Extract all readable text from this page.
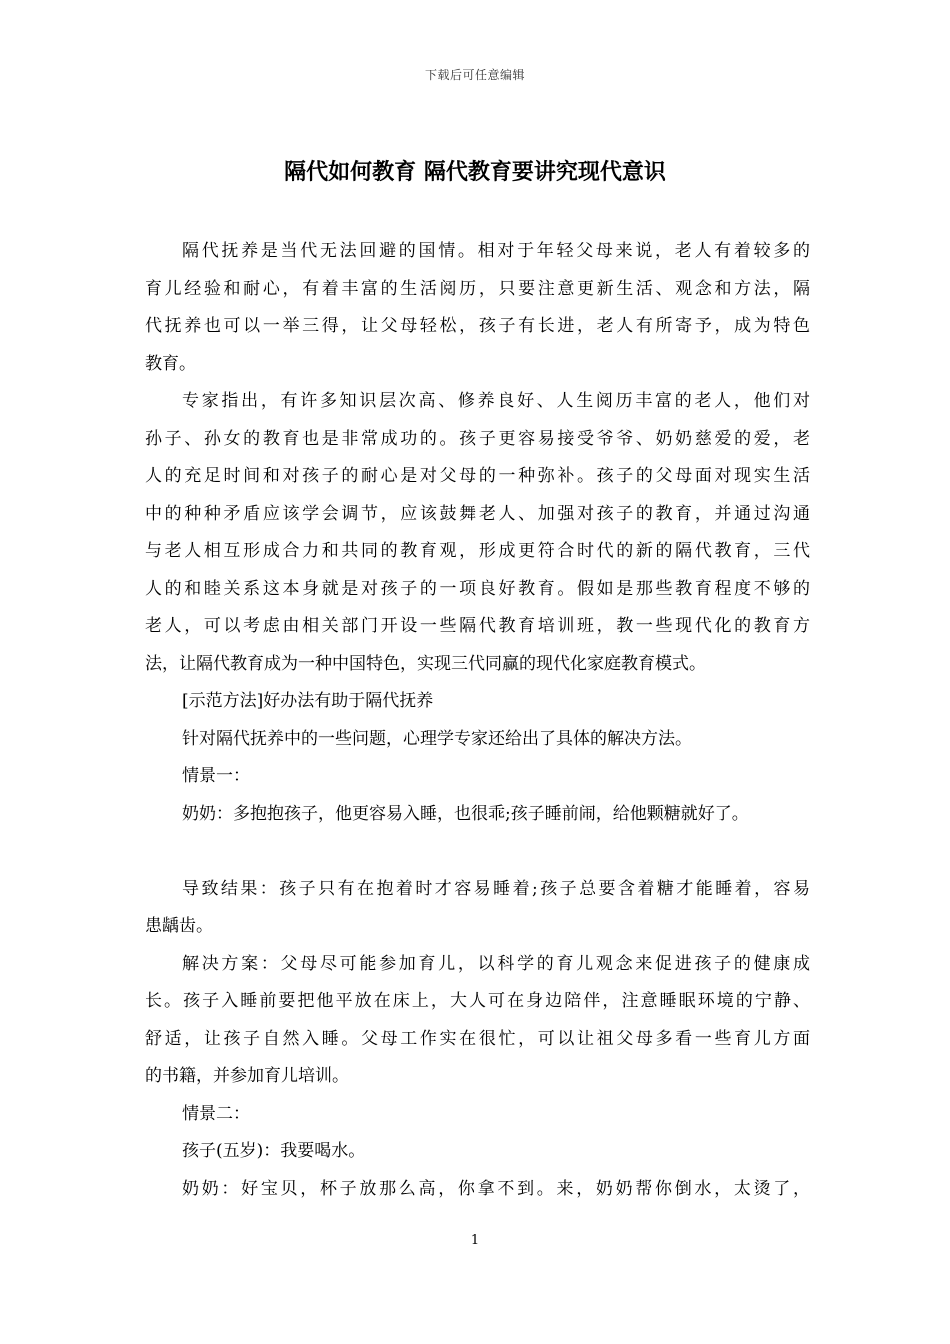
下载后可任意编辑
隔代如何教育 隔代教育要讲究现代意识
隔代抚养是当代无法回避的国情。相对于年轻父母来说，老人有着较多的
育儿经验和耐心，有着丰富的生活阅历，只要注意更新生活、观念和方法，隔
代抚养也可以一举三得，让父母轻松，孩子有长进，老人有所寄予，成为特色
教育。
专家指出，有许多知识层次高、修养良好、人生阅历丰富的老人，他们对
孙子、孙女的教育也是非常成功的。孩子更容易接受爷爷、奶奶慈爱的爱，老
人的充足时间和对孩子的耐心是对父母的一种弥补。孩子的父母面对现实生活
中的种种矛盾应该学会调节，应该鼓舞老人、加强对孩子的教育，并通过沟通
与老人相互形成合力和共同的教育观，形成更符合时代的新的隔代教育，三代
人的和睦关系这本身就是对孩子的一项良好教育。假如是那些教育程度不够的
老人，可以考虑由相关部门开设一些隔代教育培训班，教一些现代化的教育方
法，让隔代教育成为一种中国特色，实现三代同赢的现代化家庭教育模式。
[示范方法]好办法有助于隔代抚养
针对隔代抚养中的一些问题，心理学专家还给出了具体的解决方法。
情景一：
奶奶：多抱抱孩子，他更容易入睡，也很乖;孩子睡前闹，给他颗糖就好了。
导致结果：孩子只有在抱着时才容易睡着;孩子总要含着糖才能睡着，容易
患龋齿。
解决方案：父母尽可能参加育儿，以科学的育儿观念来促进孩子的健康成
长。孩子入睡前要把他平放在床上，大人可在身边陪伴，注意睡眠环境的宁静、
舒适，让孩子自然入睡。父母工作实在很忙，可以让祖父母多看一些育儿方面
的书籍，并参加育儿培训。
情景二：
孩子(五岁)：我要喝水。
奶奶：好宝贝，杯子放那么高，你拿不到。来，奶奶帮你倒水，太烫了，
1
